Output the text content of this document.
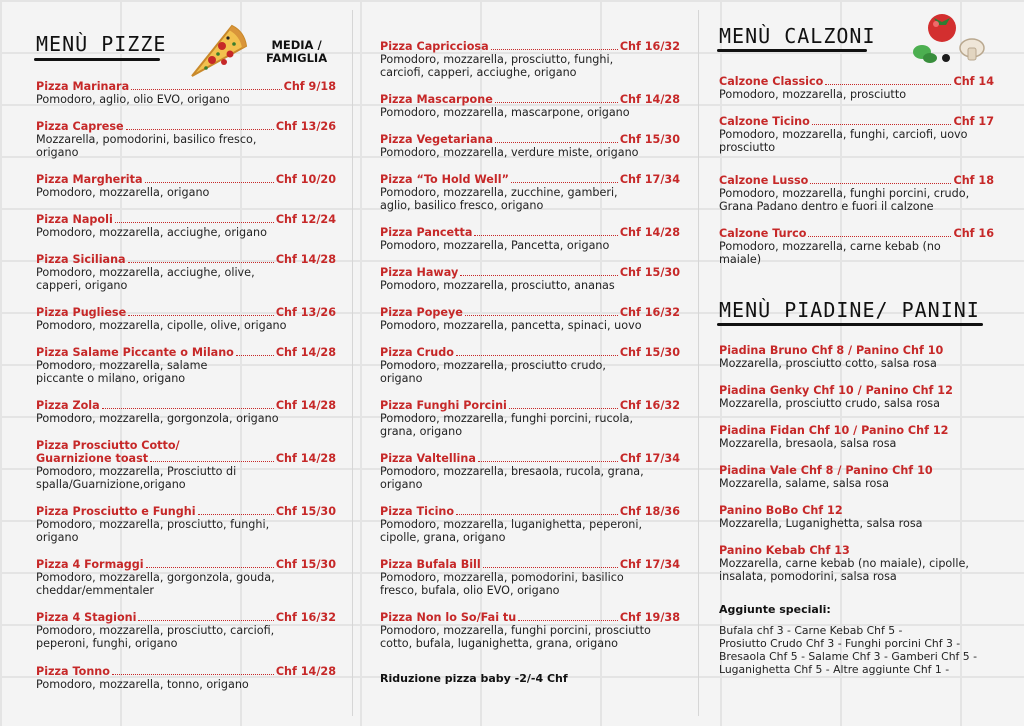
MENÙ PIZZE	MEDIA /
FAMIGLIA
Pizza Marinara	Chf 9/18
Pomodoro, aglio, olio EVO, origano
Pizza Caprese	Chf 13/26
Mozzarella, pomodorini, basilico fresco, origano
Pizza Margherita	Chf 10/20
Pomodoro, mozzarella, origano
Pizza Napoli	Chf 12/24
Pomodoro, mozzarella, acciughe, origano
Pizza Siciliana	Chf 14/28
Pomodoro, mozzarella, acciughe, olive, capperi, origano
Pizza Pugliese	Chf 13/26
Pomodoro, mozzarella, cipolle, olive, origano
Pizza Salame Piccante o Milano	Chf 14/28
Pomodoro, mozzarella, salame piccante o milano, origano
Pizza Zola	Chf 14/28
Pomodoro, mozzarella, gorgonzola, origano
Pizza Prosciutto Cotto/
Guarnizione toast	Chf 14/28
Pomodoro, mozzarella, Prosciutto di spalla/Guarnizione,origano
Pizza Prosciutto e Funghi	Chf 15/30
Pomodoro, mozzarella, prosciutto, funghi, origano
Pizza 4 Formaggi	Chf 15/30
Pomodoro, mozzarella, gorgonzola, gouda, cheddar/emmentaler
Pizza 4 Stagioni	Chf 16/32
Pomodoro, mozzarella, prosciutto, carciofi, peperoni, funghi, origano
Pizza Tonno	Chf 14/28
Pomodoro, mozzarella, tonno, origano
Pizza Capricciosa	Chf 16/32
Pomodoro, mozzarella, prosciutto, funghi, carciofi, capperi, acciughe, origano
Pizza Mascarpone	Chf 14/28
Pomodoro, mozzarella, mascarpone, origano
Pizza Vegetariana	Chf 15/30
Pomodoro, mozzarella, verdure miste, origano
Pizza “To Hold Well”	Chf 17/34
Pomodoro, mozzarella, zucchine, gamberi, aglio, basilico fresco, origano
Pizza Pancetta	Chf 14/28
Pomodoro, mozzarella, Pancetta, origano
Pizza Haway	Chf 15/30
Pomodoro, mozzarella, prosciutto, ananas
Pizza Popeye	Chf 16/32
Pomodoro, mozzarella, pancetta, spinaci, uovo
Pizza Crudo	Chf 15/30
Pomodoro, mozzarella, prosciutto crudo, origano
Pizza Funghi Porcini	Chf 16/32
Pomodoro, mozzarella, funghi porcini, rucola, grana, origano
Pizza Valtellina	Chf 17/34
Pomodoro, mozzarella, bresaola, rucola, grana, origano
Pizza Ticino	Chf 18/36
Pomodoro, mozzarella, luganighetta, peperoni, cipolle, grana, origano
Pizza Bufala Bill	Chf 17/34
Pomodoro, mozzarella, pomodorini, basilico fresco, bufala, olio EVO, origano
Pizza Non lo So/Fai tu	Chf 19/38
Pomodoro, mozzarella, funghi porcini, prosciutto cotto, bufala, luganighetta, grana, origano
Riduzione pizza baby -2/-4 Chf
MENÙ CALZONI
Calzone Classico	Chf 14
Pomodoro, mozzarella, prosciutto
Calzone Ticino	Chf 17
Pomodoro, mozzarella, funghi, carciofi, uovo prosciutto
Calzone Lusso	Chf 18
Pomodoro, mozzarella, funghi porcini, crudo, Grana Padano dentro e fuori il calzone
Calzone Turco	Chf 16
Pomodoro, mozzarella, carne kebab (no maiale)
MENÙ PIADINE/ PANINI
Piadina Bruno Chf 8 / Panino Chf 10
Mozzarella, prosciutto cotto, salsa rosa
Piadina Genky Chf 10 / Panino Chf 12
Mozzarella, prosciutto crudo, salsa rosa
Piadina Fidan Chf 10 / Panino Chf 12
Mozzarella, bresaola, salsa rosa
Piadina Vale Chf 8 / Panino Chf 10
Mozzarella, salame, salsa rosa
Panino BoBo Chf 12
Mozzarella, Luganighetta, salsa rosa
Panino Kebab Chf 13
Mozzarella, carne kebab (no maiale), cipolle, insalata, pomodorini, salsa rosa
Aggiunte speciali:
Bufala chf 3 - Carne Kebab Chf 5 -
Prosiutto Crudo Chf 3 - Funghi porcini Chf 3 -
Bresaola Chf 5 - Salame Chf 3 - Gamberi Chf 5 -
Luganighetta Chf 5 - Altre aggiunte Chf 1 -
